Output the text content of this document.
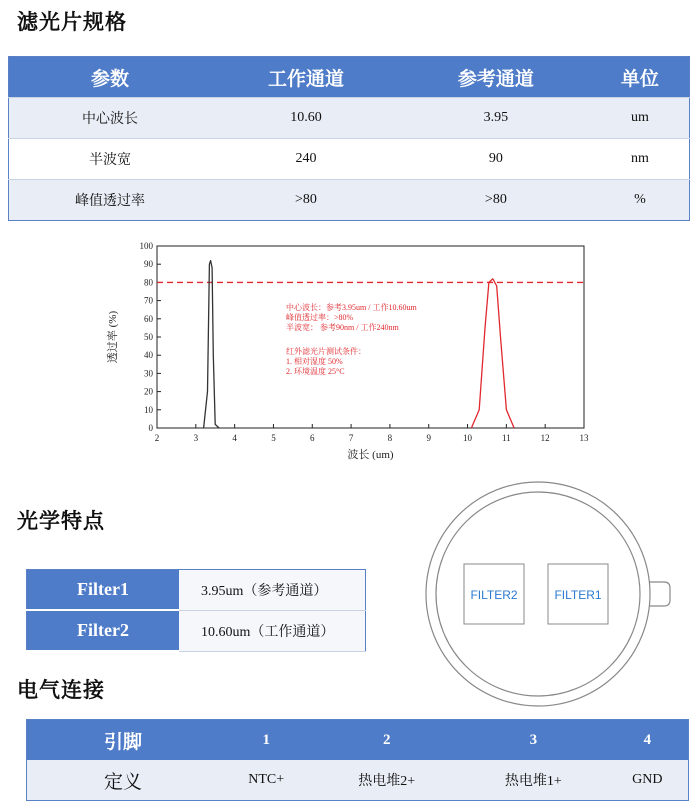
滤光片规格
参数	工作通道	参考通道	单位
中心波长	10.60	3.95	um
半波宽	240	90	nm
峰值透过率	>80	>80	%
2	3	4	5	6	7	8	9	10	11	12	13
0
10
20
30
40
50
60
70
80
90
100
波长 (um)
透过率 (%)
中心波长：参考3.95um / 工作10.60um
峰值透过率：>80%
半波宽： 参考90nm / 工作240nm
红外滤光片测试条件：
1. 相对湿度 50%
2. 环境温度 25°C
光学特点
Filter1	3.95um（参考通道）
Filter2	10.60um（工作通道）
FILTER2	FILTER1
电气连接
引脚	1	2	3	4
定义	NTC+	热电堆2+	热电堆1+	GND
